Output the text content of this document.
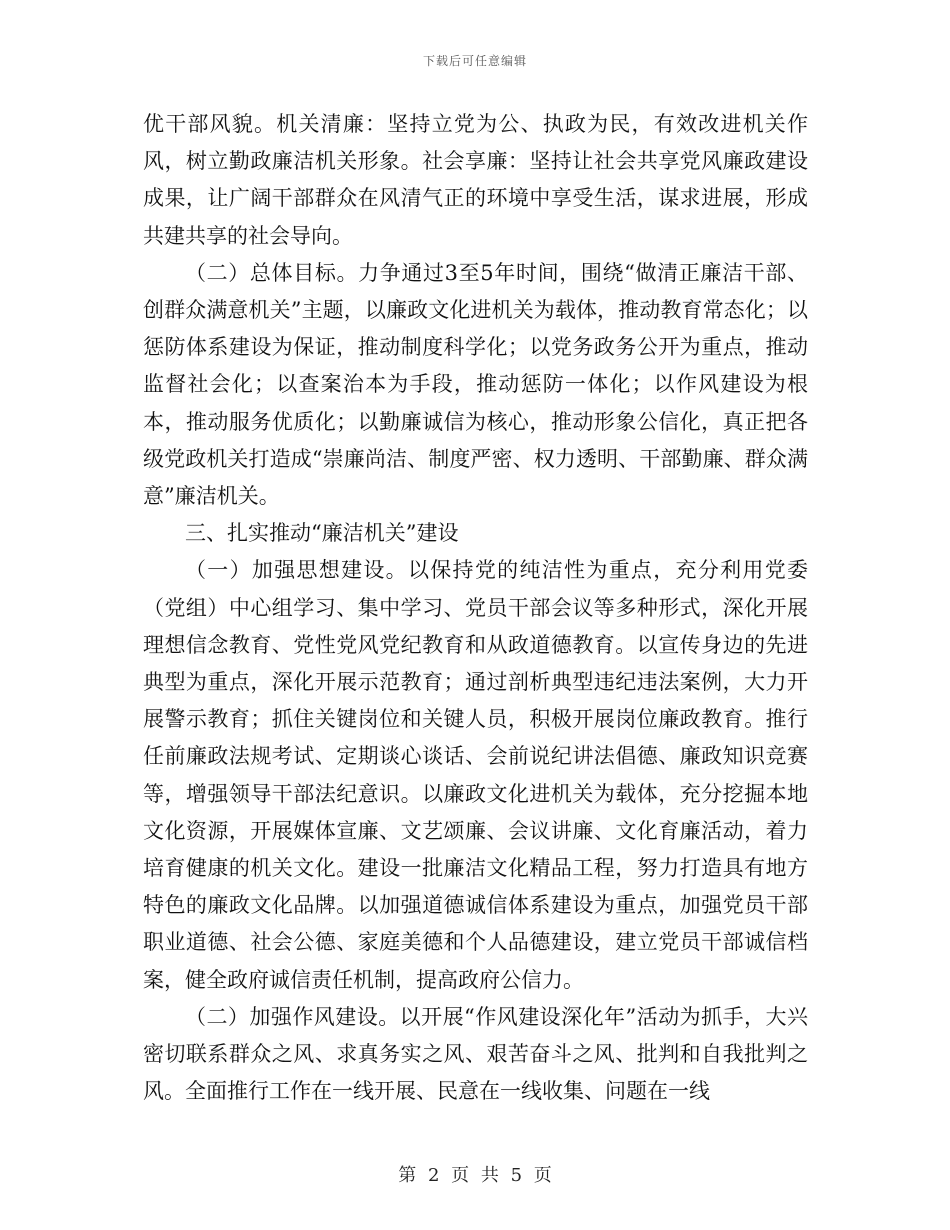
下载后可任意编辑

优干部风貌。机关清廉：坚持立党为公、执政为民，有效改进机关作风，树立勤政廉洁机关形象。社会享廉：坚持让社会共享党风廉政建设成果，让广阔干部群众在风清气正的环境中享受生活，谋求进展，形成共建共享的社会导向。

（二）总体目标。力争通过3至5年时间，围绕“做清正廉洁干部、创群众满意机关”主题，以廉政文化进机关为载体，推动教育常态化；以惩防体系建设为保证，推动制度科学化；以党务政务公开为重点，推动监督社会化；以查案治本为手段，推动惩防一体化；以作风建设为根本，推动服务优质化；以勤廉诚信为核心，推动形象公信化，真正把各级党政机关打造成“崇廉尚洁、制度严密、权力透明、干部勤廉、群众满意”廉洁机关。

三、扎实推动“廉洁机关”建设

（一）加强思想建设。以保持党的纯洁性为重点，充分利用党委（党组）中心组学习、集中学习、党员干部会议等多种形式，深化开展理想信念教育、党性党风党纪教育和从政道德教育。以宣传身边的先进典型为重点，深化开展示范教育；通过剖析典型违纪违法案例，大力开展警示教育；抓住关键岗位和关键人员，积极开展岗位廉政教育。推行任前廉政法规考试、定期谈心谈话、会前说纪讲法倡德、廉政知识竞赛等，增强领导干部法纪意识。以廉政文化进机关为载体，充分挖掘本地文化资源，开展媒体宣廉、文艺颂廉、会议讲廉、文化育廉活动，着力培育健康的机关文化。建设一批廉洁文化精品工程，努力打造具有地方特色的廉政文化品牌。以加强道德诚信体系建设为重点，加强党员干部职业道德、社会公德、家庭美德和个人品德建设，建立党员干部诚信档案，健全政府诚信责任机制，提高政府公信力。

（二）加强作风建设。以开展“作风建设深化年”活动为抓手，大兴密切联系群众之风、求真务实之风、艰苦奋斗之风、批判和自我批判之风。全面推行工作在一线开展、民意在一线收集、问题在一线

第 2 页 共 5 页
